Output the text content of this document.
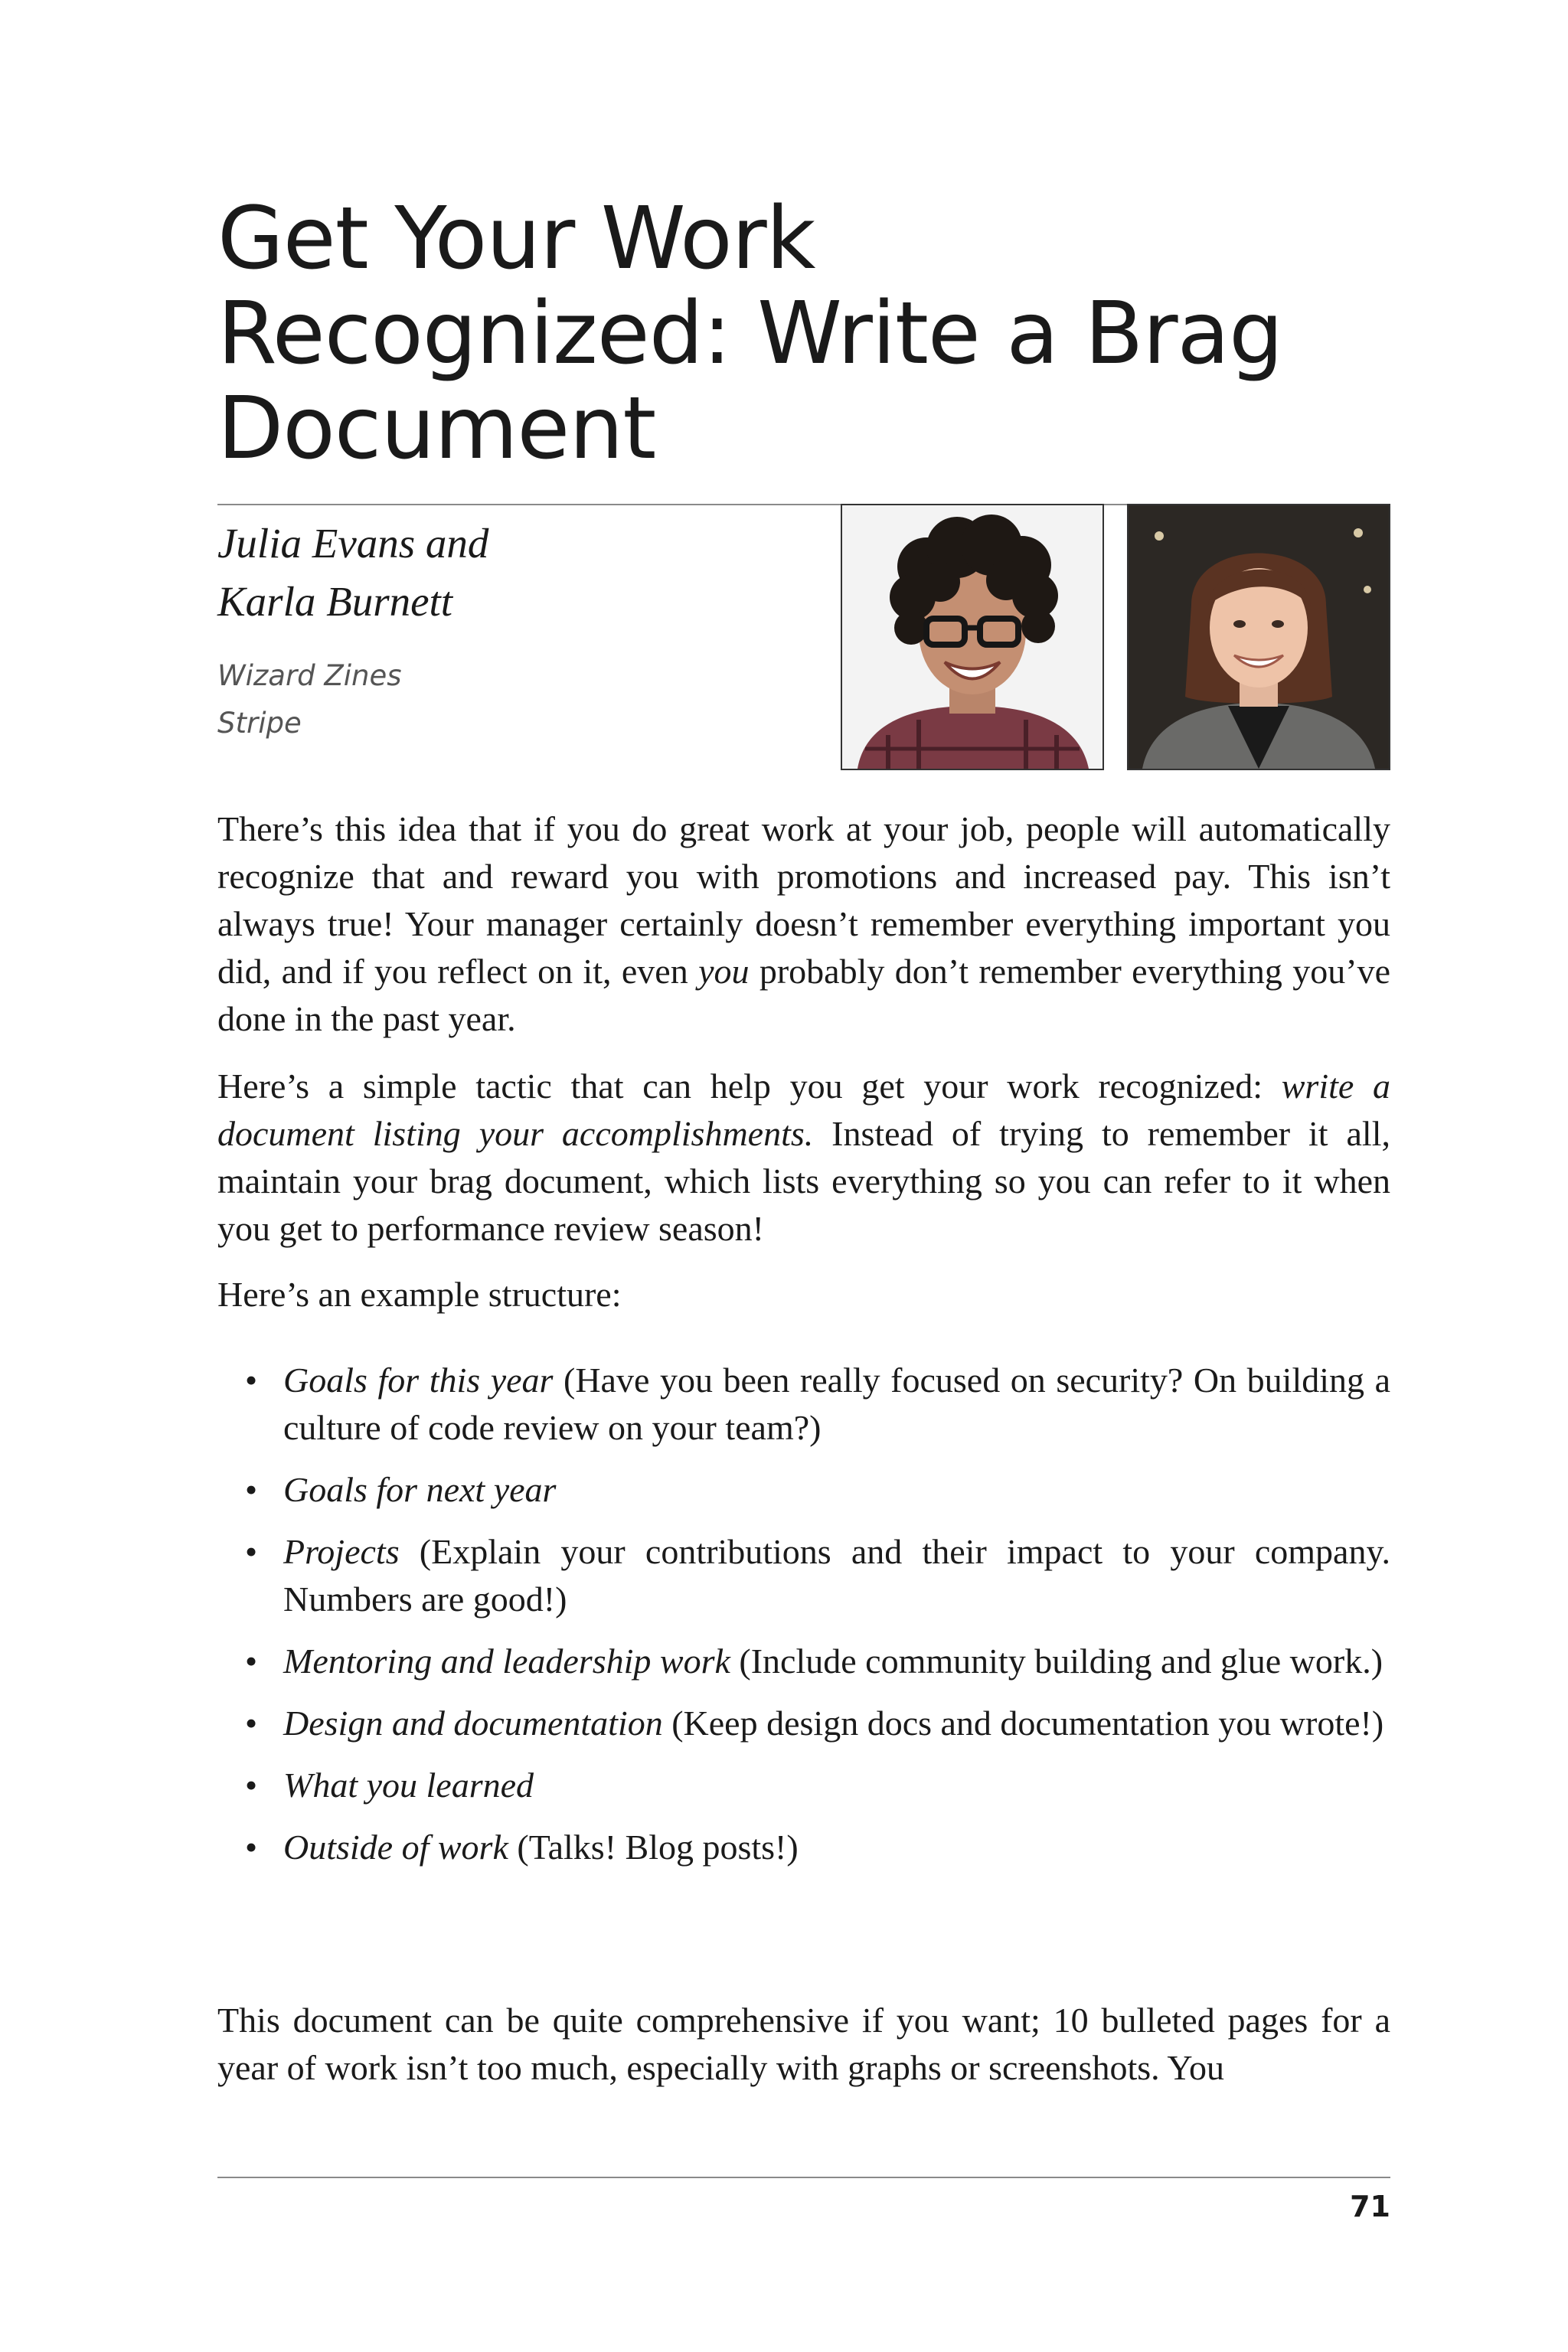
Get Your Work
Recognized: Write a Brag
Document
Julia Evans and
Karla Burnett
Wizard Zines
Stripe

There’s this idea that if you do great work at your job, people will automatically recognize that and reward you with promotions and increased pay. This isn’t always true! Your manager certainly doesn’t remember everything important you did, and if you reflect on it, even you probably don’t remember everything you’ve done in the past year.

Here’s a simple tactic that can help you get your work recognized: write a document listing your accomplishments. Instead of trying to remember it all, maintain your brag document, which lists everything so you can refer to it when you get to performance review season!

Here’s an example structure:

• Goals for this year (Have you been really focused on security? On building a culture of code review on your team?)
• Goals for next year
• Projects (Explain your contributions and their impact to your company. Numbers are good!)
• Mentoring and leadership work (Include community building and glue work.)
• Design and documentation (Keep design docs and documentation you wrote!)
• What you learned
• Outside of work (Talks! Blog posts!)

This document can be quite comprehensive if you want; 10 bulleted pages for a year of work isn’t too much, especially with graphs or screenshots. You

71
